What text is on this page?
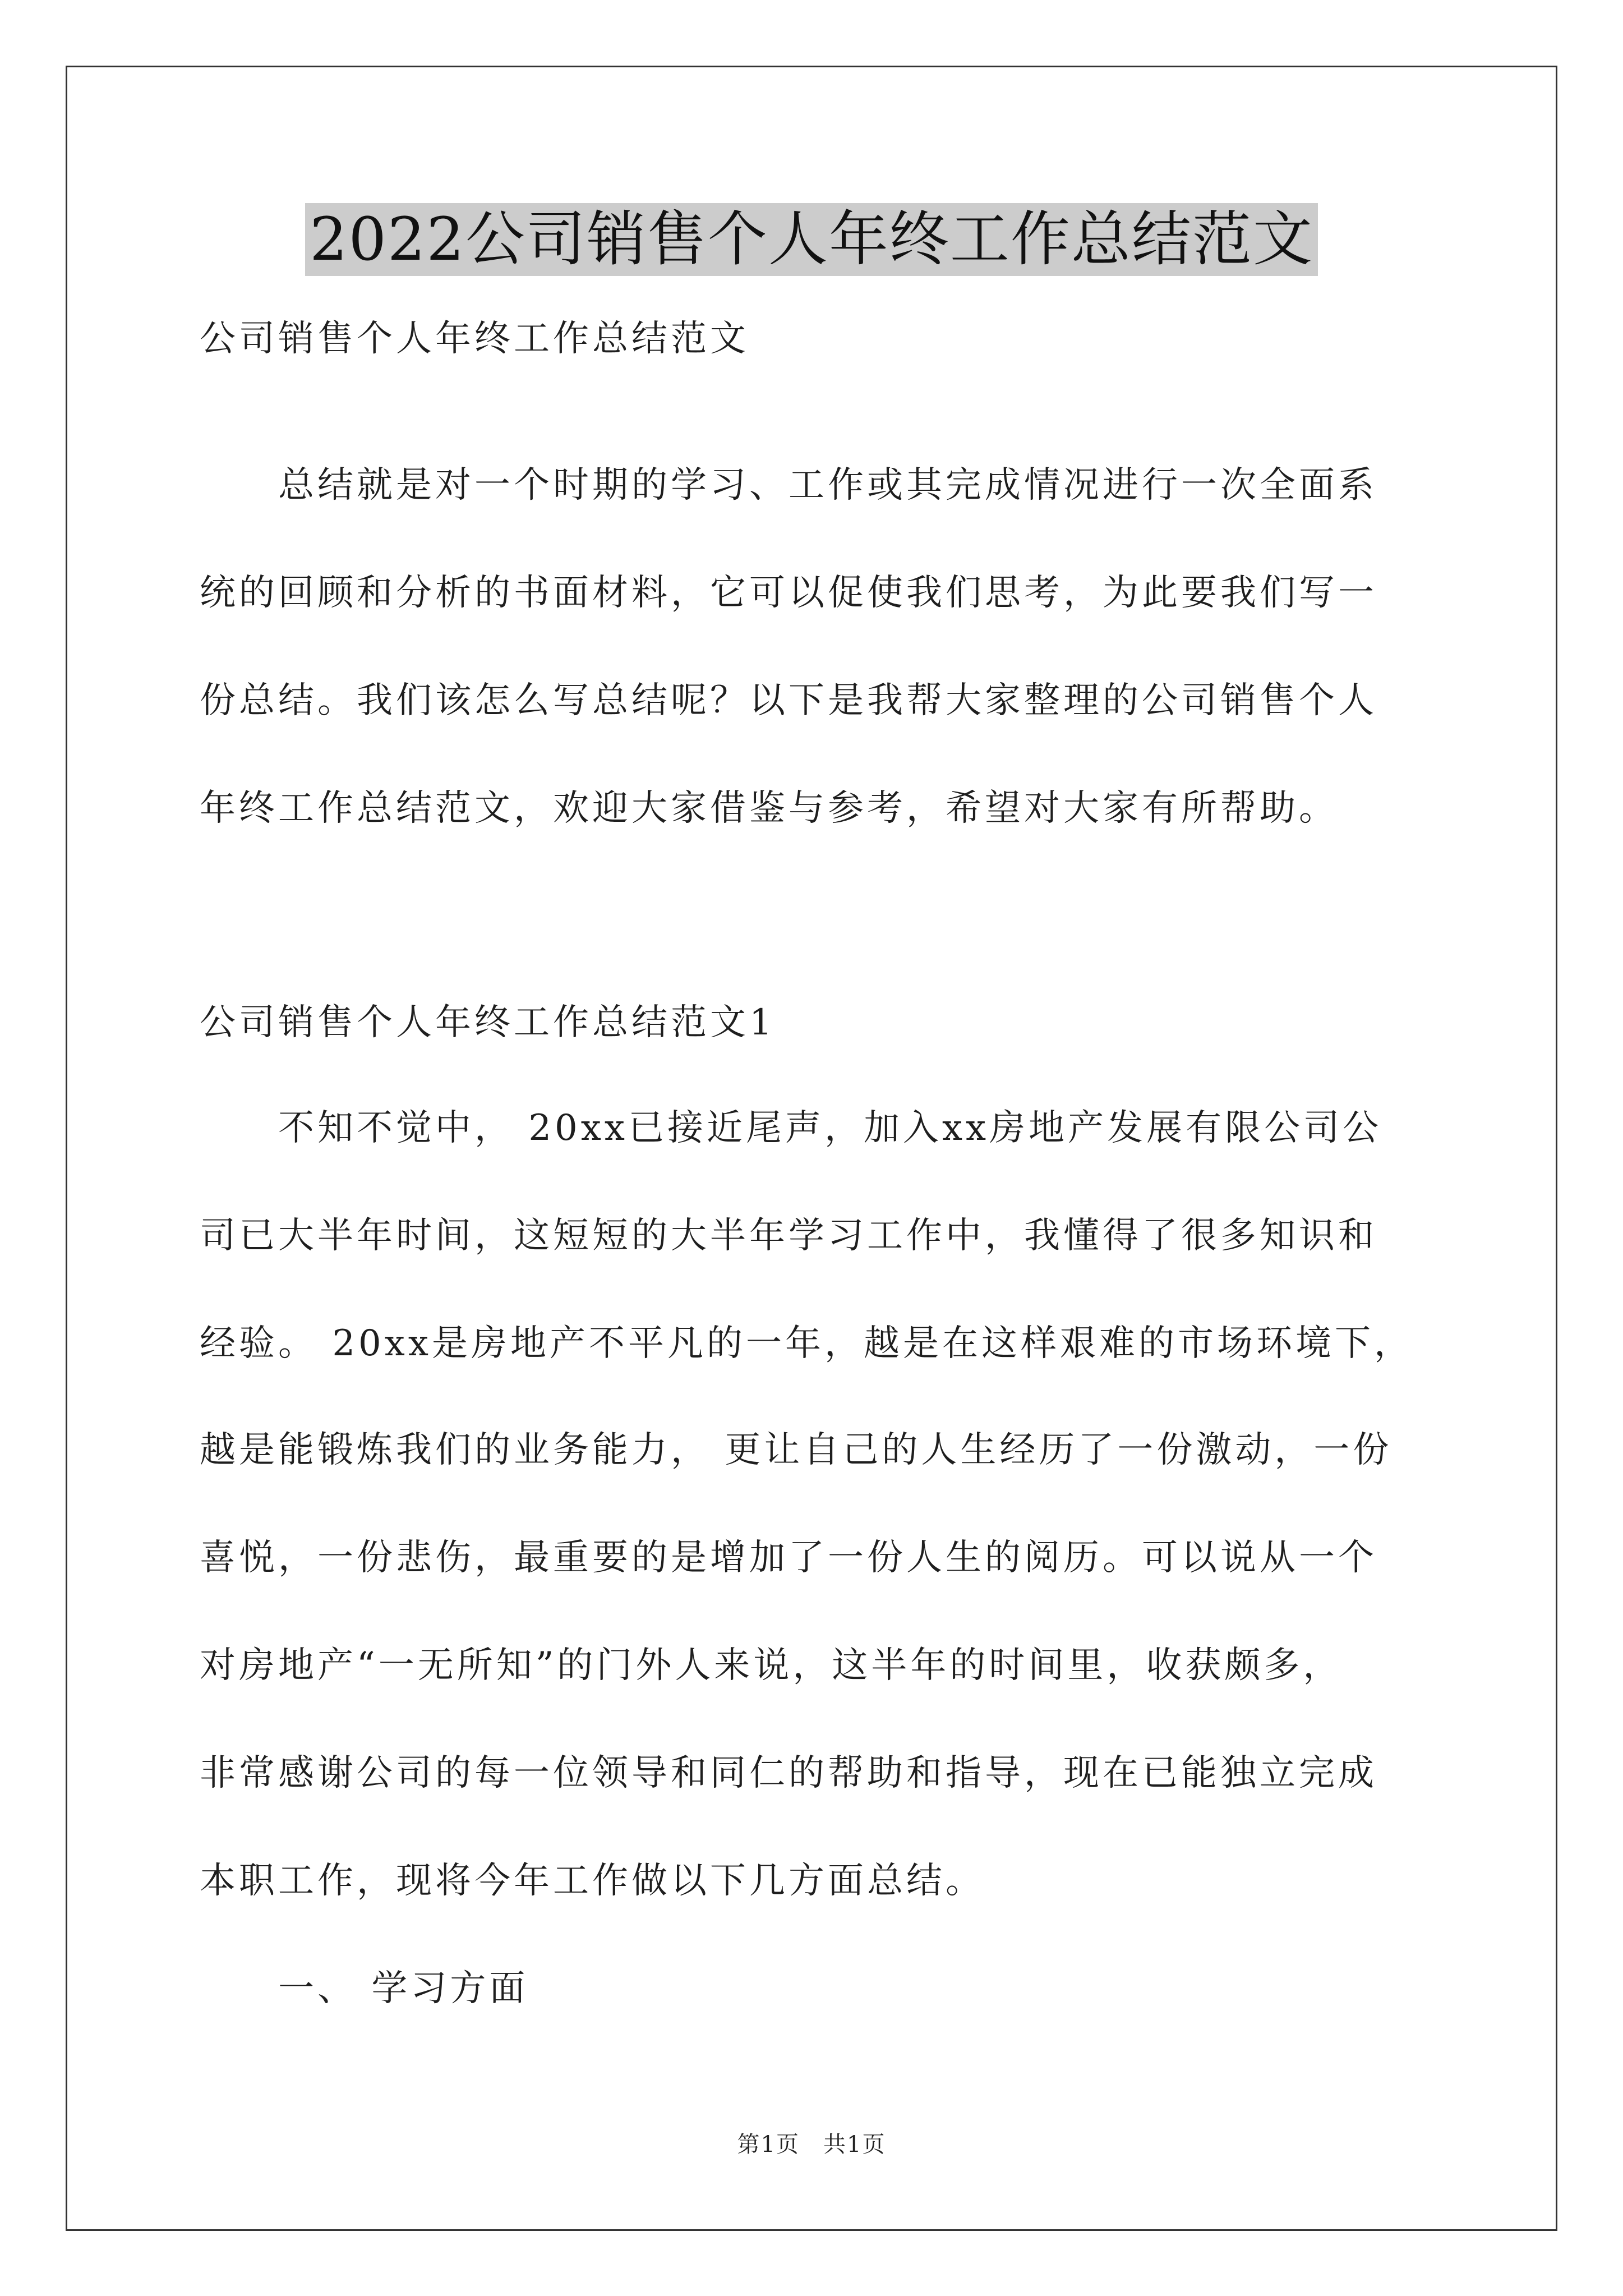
2022公司销售个人年终工作总结范文
公司销售个人年终工作总结范文
　　总结就是对一个时期的学习、工作或其完成情况进行一次全面系
统的回顾和分析的书面材料，它可以促使我们思考，为此要我们写一
份总结。我们该怎么写总结呢？以下是我帮大家整理的公司销售个人
年终工作总结范文，欢迎大家借鉴与参考，希望对大家有所帮助。
公司销售个人年终工作总结范文1
　　不知不觉中， 20xx已接近尾声，加入xx房地产发展有限公司公
司已大半年时间，这短短的大半年学习工作中，我懂得了很多知识和
经验。 20xx是房地产不平凡的一年，越是在这样艰难的市场环境下，
越是能锻炼我们的业务能力， 更让自己的人生经历了一份激动，一份
喜悦，一份悲伤，最重要的是增加了一份人生的阅历。可以说从一个
对房地产“一无所知”的门外人来说，这半年的时间里，收获颇多，
非常感谢公司的每一位领导和同仁的帮助和指导，现在已能独立完成
本职工作，现将今年工作做以下几方面总结。
　　一、 学习方面
第1页　共1页
